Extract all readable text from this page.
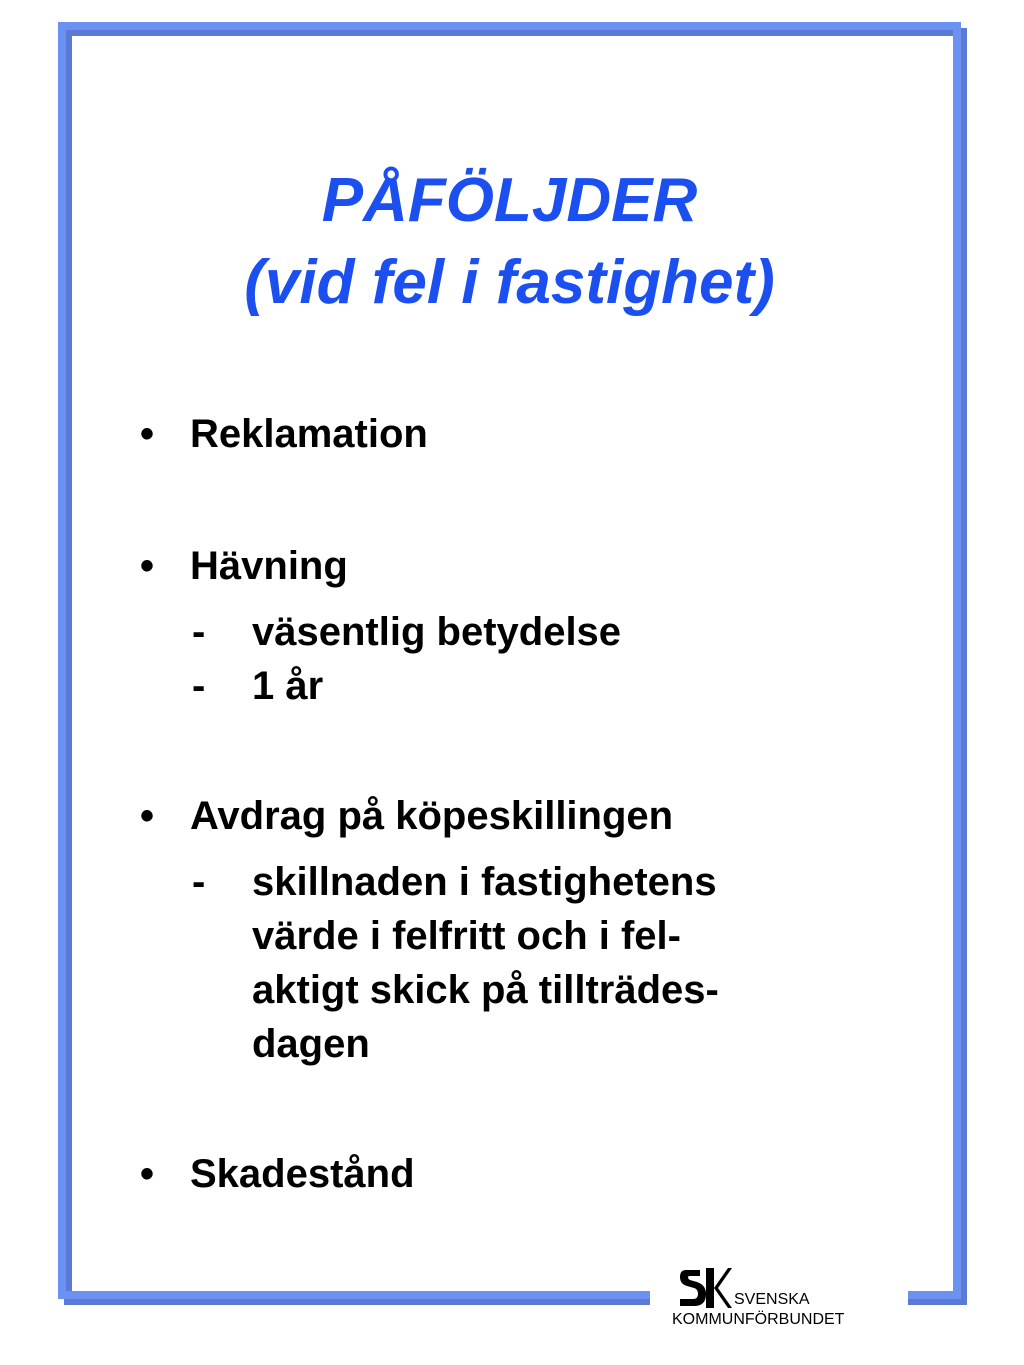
PÅFÖLJDER
(vid fel i fastighet)
• Reklamation
• Hävning
- väsentlig betydelse
- 1 år
• Avdrag på köpeskillingen
- skillnaden i fastighetens
värde i felfritt och i fel-
aktigt skick på tillträdes-
dagen
• Skadestånd
SVENSKA
KOMMUNFÖRBUNDET
